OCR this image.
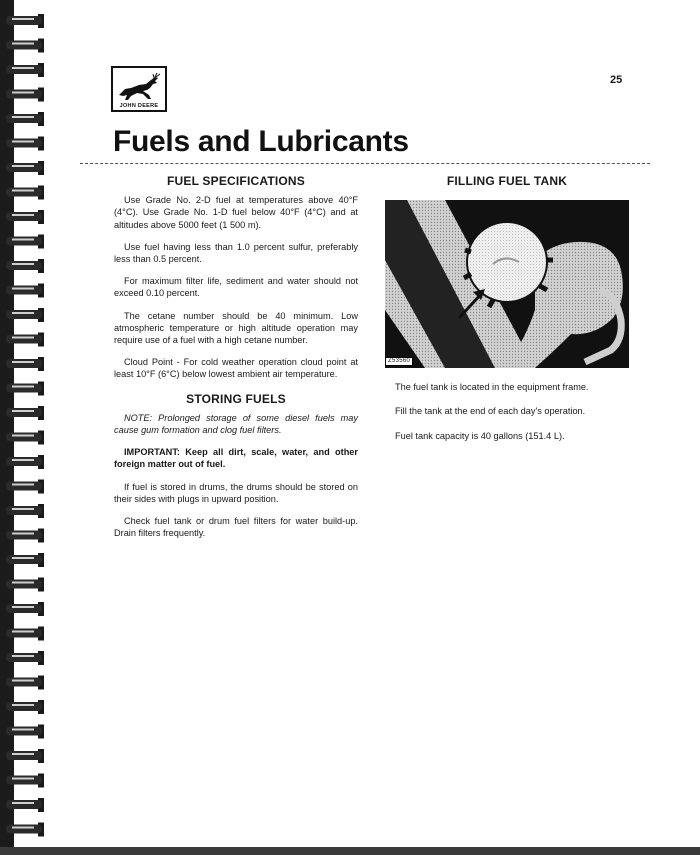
JOHN DEERE
25
Fuels and Lubricants
FUEL SPECIFICATIONS

Use Grade No. 2-D fuel at temperatures above 40°F (4°C). Use Grade No. 1-D fuel below 40°F (4°C) and at altitudes above 5000 feet (1 500 m).

Use fuel having less than 1.0 percent sulfur, preferably less than 0.5 percent.

For maximum filter life, sediment and water should not exceed 0.10 percent.

The cetane number should be 40 minimum. Low atmospheric temperature or high altitude operation may require use of a fuel with a high cetane number.

Cloud Point - For cold weather operation cloud point at least 10°F (6°C) below lowest ambient air temperature.

STORING FUELS

NOTE: Prolonged storage of some diesel fuels may cause gum formation and clog fuel filters.

IMPORTANT: Keep all dirt, scale, water, and other foreign matter out of fuel.

If fuel is stored in drums, the drums should be stored on their sides with plugs in upward position.

Check fuel tank or drum fuel filters for water build-up. Drain filters frequently.

FILLING FUEL TANK
Z53560

The fuel tank is located in the equipment frame.

Fill the tank at the end of each day's operation.

Fuel tank capacity is 40 gallons (151.4 L).
